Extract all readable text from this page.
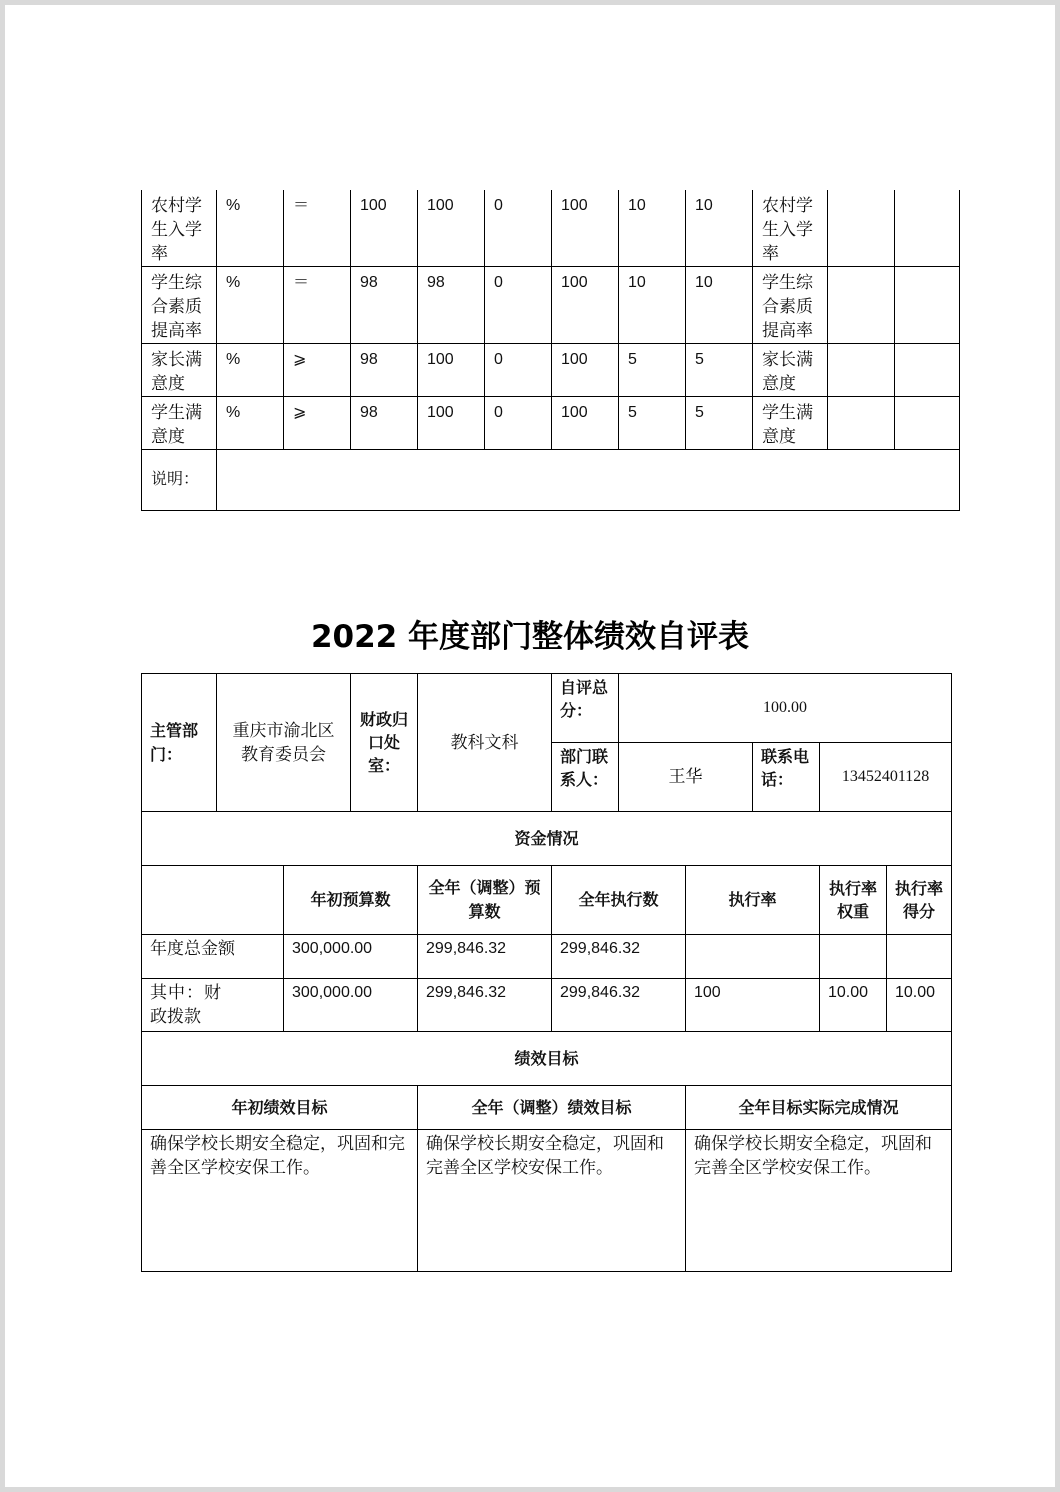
农村学生入学率	%	＝	100	100	0	100	10	10	农村学生入学率		
学生综合素质提高率	%	＝	98	98	0	100	10	10	学生综合素质提高率		
家长满意度	%	⩾	98	100	0	100	5	5	家长满意度		
学生满意度	%	⩾	98	100	0	100	5	5	学生满意度		
说明：											
2022 年度部门整体绩效自评表
主管部门：	重庆市渝北区教育委员会		财政归口处室：	教科文科	自评总分：	100.00				
					部门联系人：	王华		联系电话：	13452401128	
资金情况										
		年初预算数		全年（调整）预算数	全年执行数		执行率		执行率权重	执行率得分
年度总金额		300,000.00		299,846.32	299,846.32					
其中：财政拨款		300,000.00		299,846.32	299,846.32		100		10.00	10.00
绩效目标										
年初绩效目标				全年（调整）绩效目标			全年目标实际完成情况			
确保学校长期安全稳定，巩固和完善全区学校安保工作。				确保学校长期安全稳定，巩固和完善全区学校安保工作。			确保学校长期安全稳定，巩固和完善全区学校安保工作。			
